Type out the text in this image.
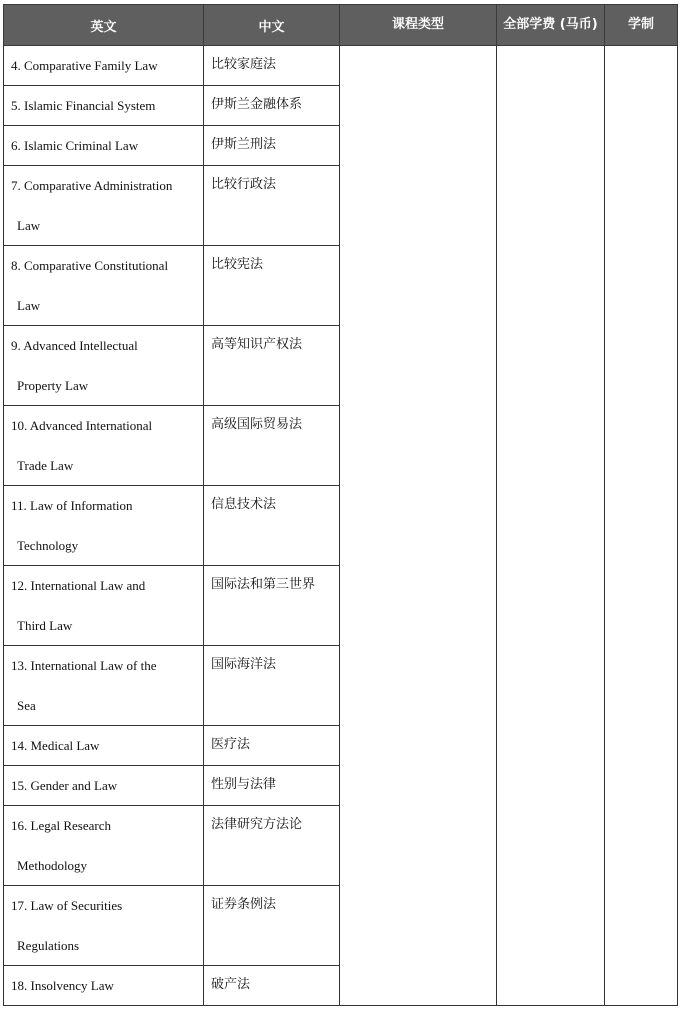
英文	中文	课程类型	全部学费 (马币)	学制

4. Comparative Family Law	比较家庭法			

5. Islamic Financial System	伊斯兰金融体系			

6. Islamic Criminal Law	伊斯兰刑法			

7. Comparative Administration
Law	比较行政法			

8. Comparative Constitutional
Law	比较宪法			

9. Advanced Intellectual
Property Law	高等知识产权法			

10. Advanced International
Trade Law	高级国际贸易法			

11. Law of Information
Technology	信息技术法			

12. International Law and
Third Law	国际法和第三世界			

13. International Law of the
Sea	国际海洋法			

14. Medical Law	医疗法			

15. Gender and Law	性别与法律			

16. Legal Research
Methodology	法律研究方法论			

17. Law of Securities
Regulations	证券条例法			

18. Insolvency Law	破产法			
